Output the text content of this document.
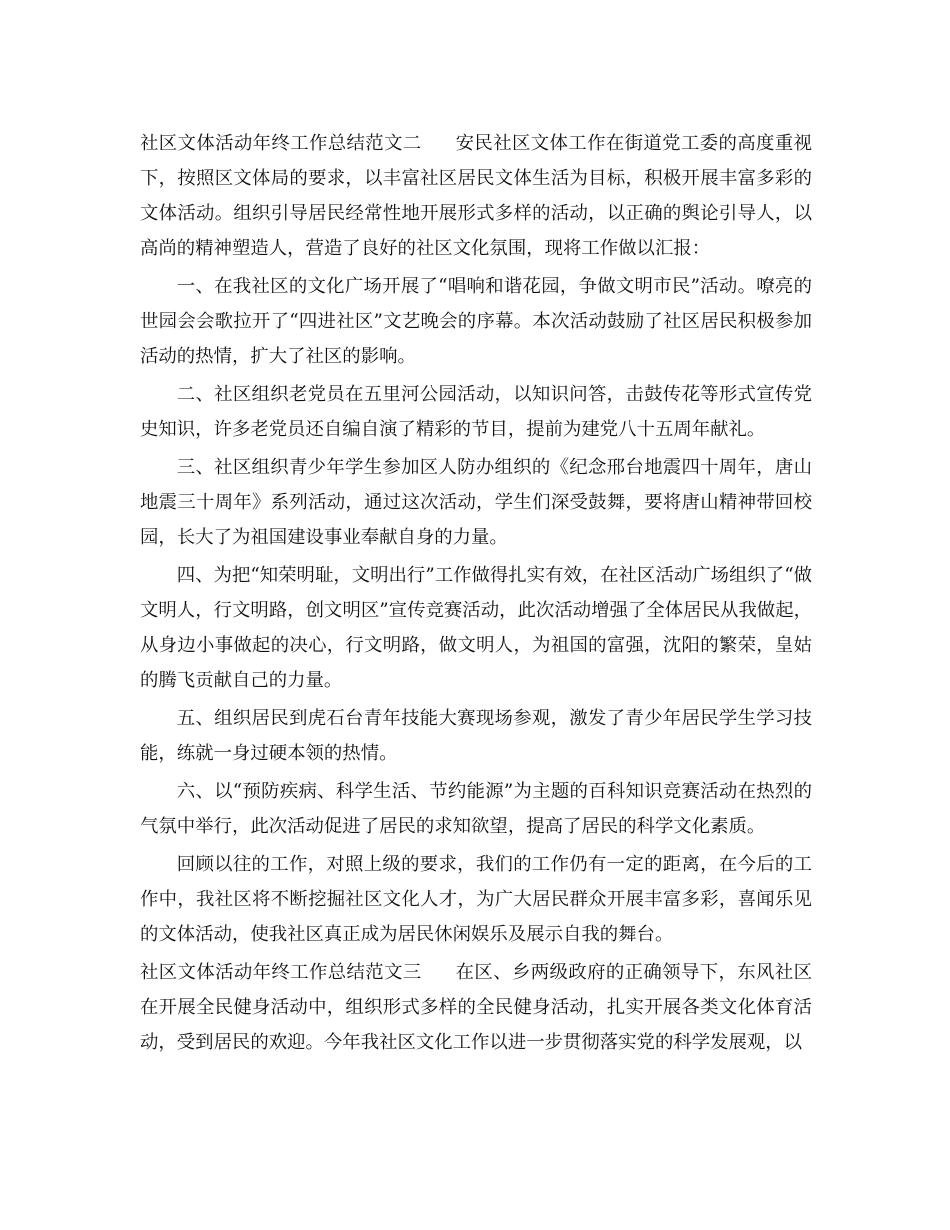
社区文体活动年终工作总结范文二 安民社区文体工作在街道党工委的高度重视下，按照区文体局的要求，以丰富社区居民文体生活为目标，积极开展丰富多彩的文体活动。组织引导居民经常性地开展形式多样的活动，以正确的舆论引导人，以高尚的精神塑造人，营造了良好的社区文化氛围，现将工作做以汇报：

一、在我社区的文化广场开展了“唱响和谐花园，争做文明市民”活动。嘹亮的世园会会歌拉开了“四进社区”文艺晚会的序幕。本次活动鼓励了社区居民积极参加活动的热情，扩大了社区的影响。

二、社区组织老党员在五里河公园活动，以知识问答，击鼓传花等形式宣传党史知识，许多老党员还自编自演了精彩的节目，提前为建党八十五周年献礼。

三、社区组织青少年学生参加区人防办组织的《纪念邢台地震四十周年，唐山地震三十周年》系列活动，通过这次活动，学生们深受鼓舞，要将唐山精神带回校园，长大了为祖国建设事业奉献自身的力量。

四、为把“知荣明耻，文明出行”工作做得扎实有效，在社区活动广场组织了“做文明人，行文明路，创文明区”宣传竞赛活动，此次活动增强了全体居民从我做起，从身边小事做起的决心，行文明路，做文明人，为祖国的富强，沈阳的繁荣，皇姑的腾飞贡献自己的力量。

五、组织居民到虎石台青年技能大赛现场参观，激发了青少年居民学生学习技能，练就一身过硬本领的热情。

六、以“预防疾病、科学生活、节约能源”为主题的百科知识竞赛活动在热烈的气氛中举行，此次活动促进了居民的求知欲望，提高了居民的科学文化素质。

回顾以往的工作，对照上级的要求，我们的工作仍有一定的距离，在今后的工作中，我社区将不断挖掘社区文化人才，为广大居民群众开展丰富多彩，喜闻乐见的文体活动，使我社区真正成为居民休闲娱乐及展示自我的舞台。

社区文体活动年终工作总结范文三 在区、乡两级政府的正确领导下，东风社区在开展全民健身活动中，组织形式多样的全民健身活动，扎实开展各类文化体育活动，受到居民的欢迎。今年我社区文化工作以进一步贯彻落实党的科学发展观，以
